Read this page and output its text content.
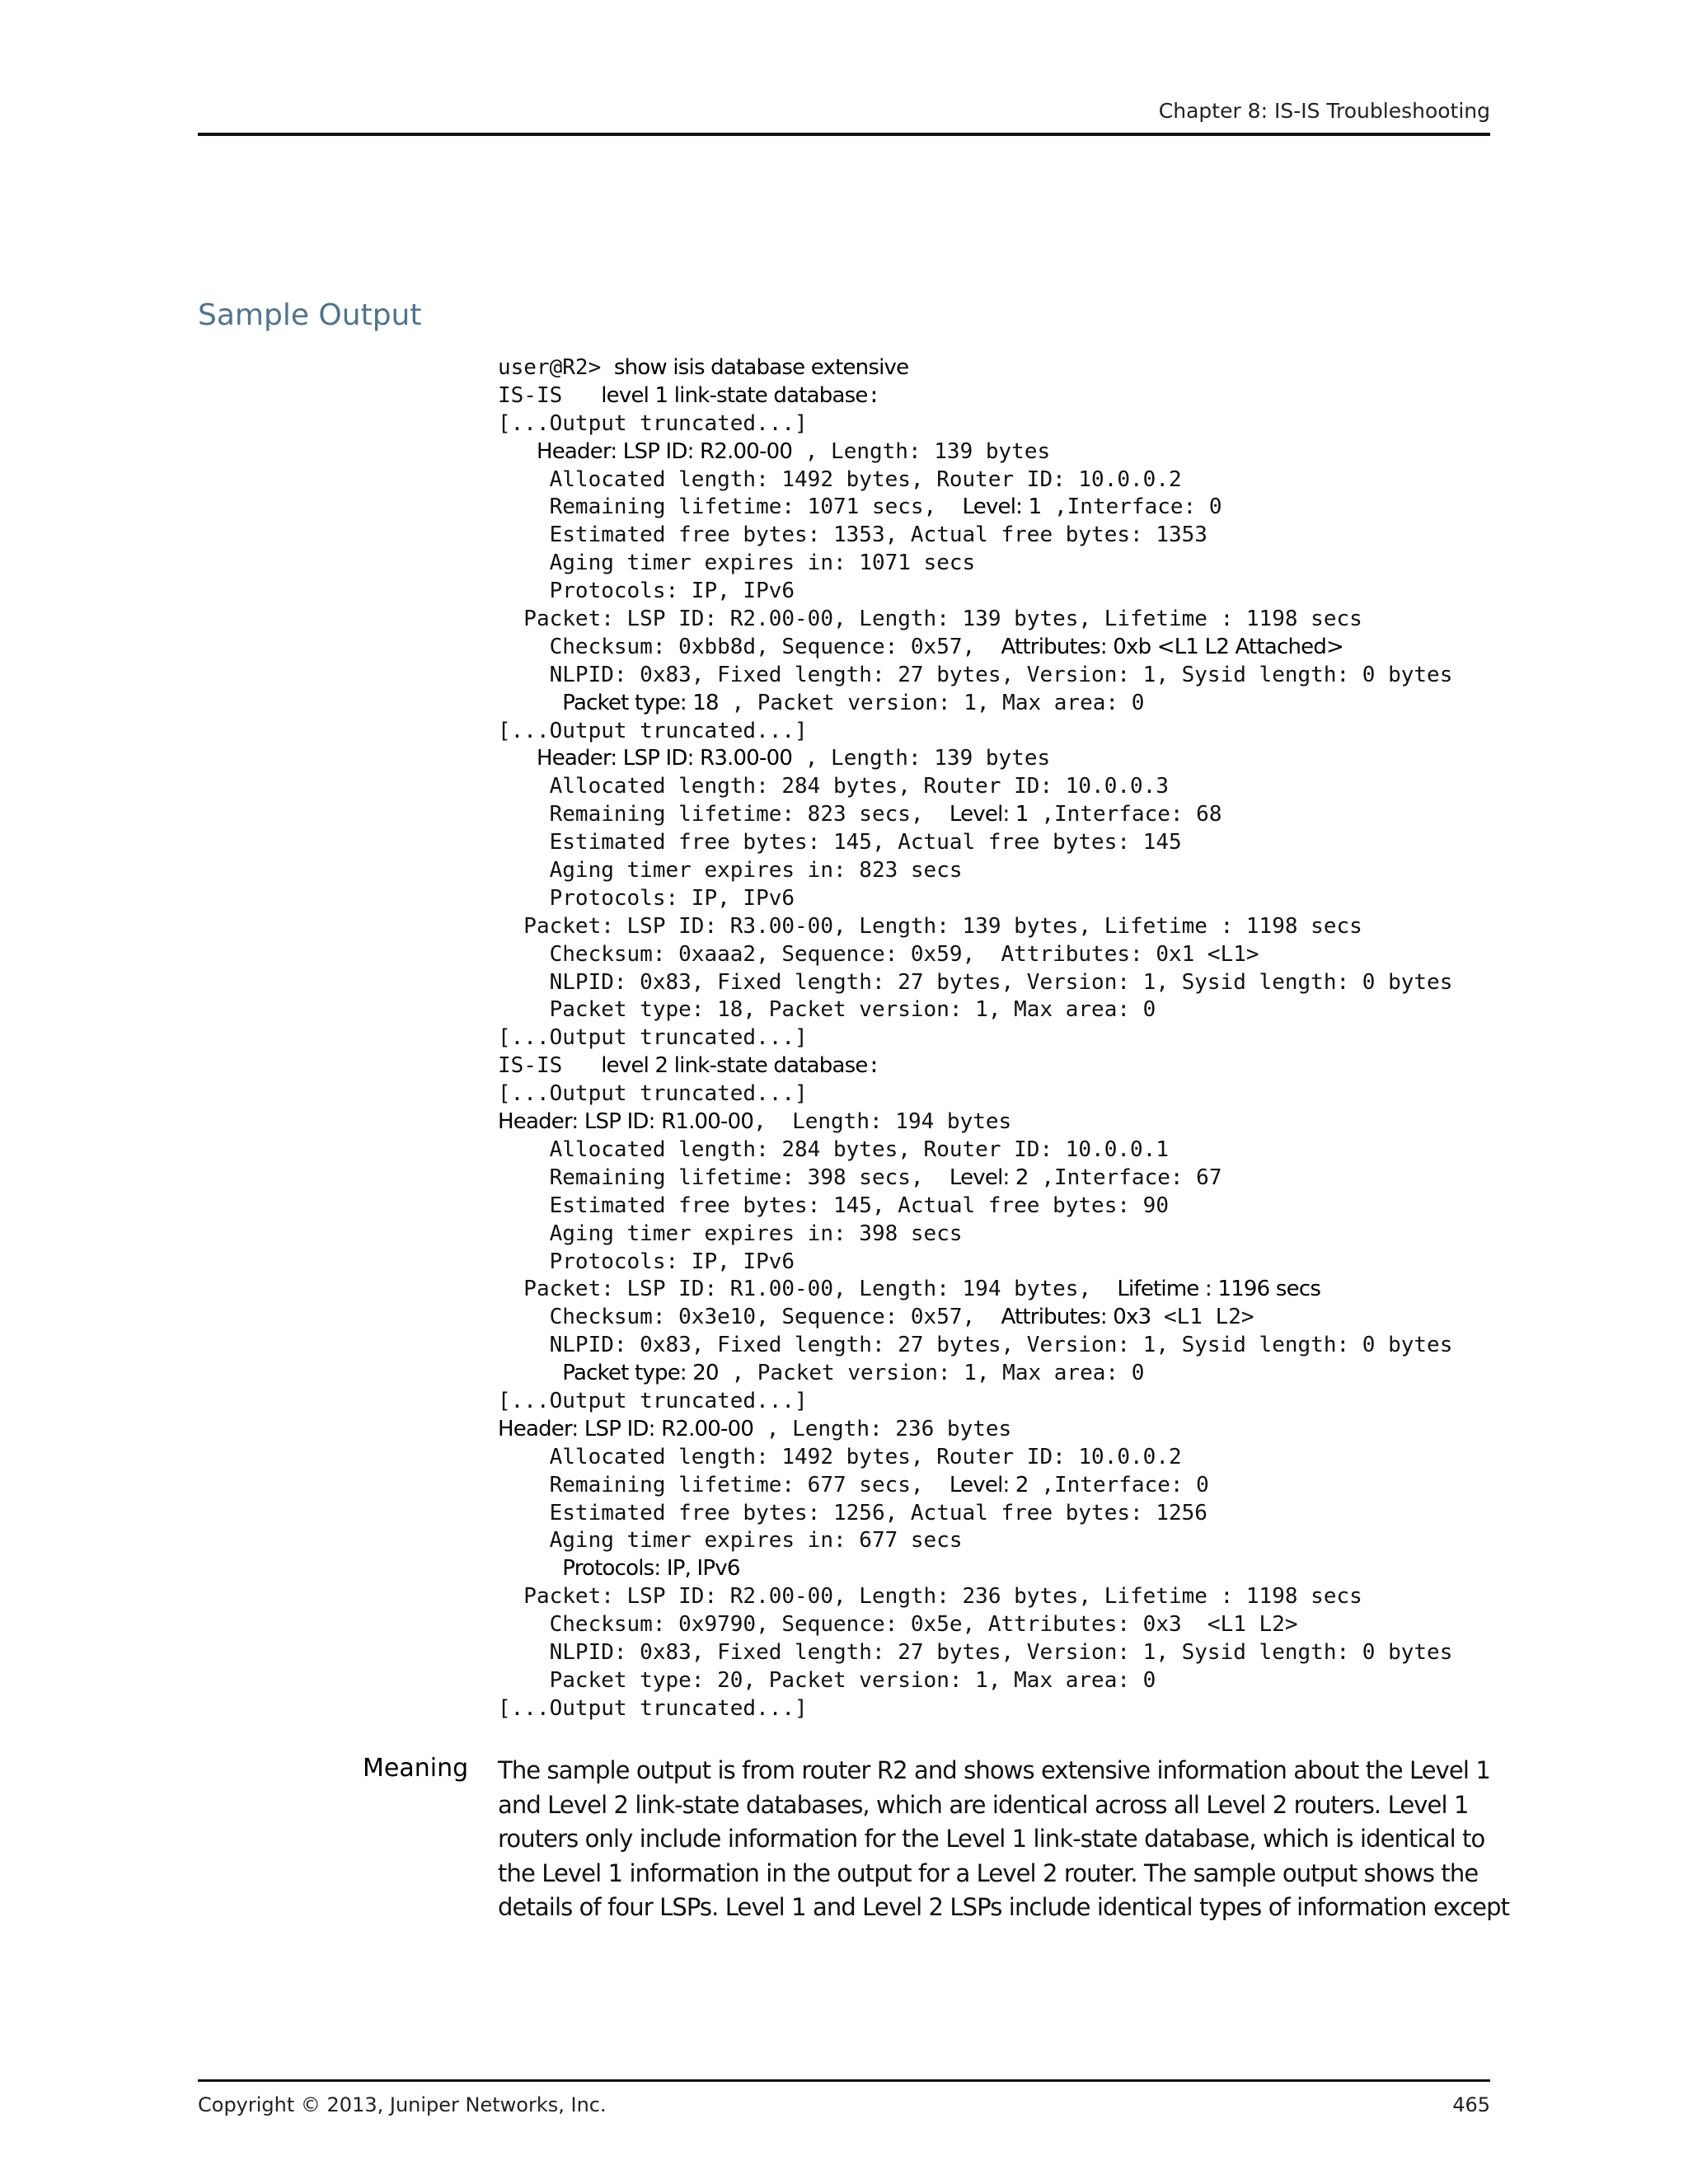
Chapter 8: IS-IS Troubleshooting
Sample Output
user@R2> show isis database extensive
IS-IS   level 1 link-state database:
[...Output truncated...]
Header: LSP ID: R2.00-00 , Length: 139 bytes
Allocated length: 1492 bytes, Router ID: 10.0.0.2
Remaining lifetime: 1071 secs,  Level: 1 ,Interface: 0
Estimated free bytes: 1353, Actual free bytes: 1353
Aging timer expires in: 1071 secs
Protocols: IP, IPv6
Packet: LSP ID: R2.00-00, Length: 139 bytes, Lifetime : 1198 secs
Checksum: 0xbb8d, Sequence: 0x57,  Attributes: 0xb <L1 L2 Attached>
NLPID: 0x83, Fixed length: 27 bytes, Version: 1, Sysid length: 0 bytes
Packet type: 18 , Packet version: 1, Max area: 0
[...Output truncated...]
Header: LSP ID: R3.00-00 , Length: 139 bytes
Allocated length: 284 bytes, Router ID: 10.0.0.3
Remaining lifetime: 823 secs,  Level: 1 ,Interface: 68
Estimated free bytes: 145, Actual free bytes: 145
Aging timer expires in: 823 secs
Protocols: IP, IPv6
Packet: LSP ID: R3.00-00, Length: 139 bytes, Lifetime : 1198 secs
Checksum: 0xaaa2, Sequence: 0x59,  Attributes: 0x1 <L1>
NLPID: 0x83, Fixed length: 27 bytes, Version: 1, Sysid length: 0 bytes
Packet type: 18, Packet version: 1, Max area: 0
[...Output truncated...]
IS-IS   level 2 link-state database:
[...Output truncated...]
Header: LSP ID: R1.00-00,  Length: 194 bytes
Allocated length: 284 bytes, Router ID: 10.0.0.1
Remaining lifetime: 398 secs,  Level: 2 ,Interface: 67
Estimated free bytes: 145, Actual free bytes: 90
Aging timer expires in: 398 secs
Protocols: IP, IPv6
Packet: LSP ID: R1.00-00, Length: 194 bytes,  Lifetime : 1196 secs
Checksum: 0x3e10, Sequence: 0x57,  Attributes: 0x3 <L1 L2>
NLPID: 0x83, Fixed length: 27 bytes, Version: 1, Sysid length: 0 bytes
Packet type: 20 , Packet version: 1, Max area: 0
[...Output truncated...]
Header: LSP ID: R2.00-00 , Length: 236 bytes
Allocated length: 1492 bytes, Router ID: 10.0.0.2
Remaining lifetime: 677 secs,  Level: 2 ,Interface: 0
Estimated free bytes: 1256, Actual free bytes: 1256
Aging timer expires in: 677 secs
Protocols: IP, IPv6
Packet: LSP ID: R2.00-00, Length: 236 bytes, Lifetime : 1198 secs
Checksum: 0x9790, Sequence: 0x5e, Attributes: 0x3  <L1 L2>
NLPID: 0x83, Fixed length: 27 bytes, Version: 1, Sysid length: 0 bytes
Packet type: 20, Packet version: 1, Max area: 0
[...Output truncated...]
Meaning The sample output is from router R2 and shows extensive information about the Level 1
and Level 2 link-state databases, which are identical across all Level 2 routers. Level 1
routers only include information for the Level 1 link-state database, which is identical to
the Level 1 information in the output for a Level 2 router. The sample output shows the
details of four LSPs. Level 1 and Level 2 LSPs include identical types of information except
Copyright © 2013, Juniper Networks, Inc.	465
